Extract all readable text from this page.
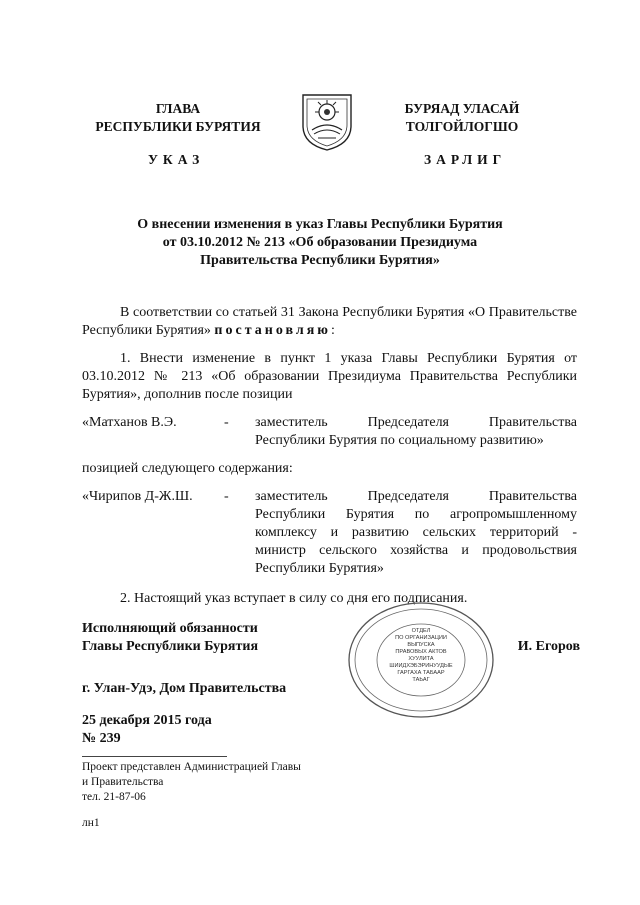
ГЛАВА
РЕСПУБЛИКИ БУРЯТИЯ
БУРЯАД УЛАСАЙ
ТОЛГОЙЛОГШО
УКАЗ	ЗАРЛИГ
О внесении изменения в указ Главы Республики Бурятия
от 03.10.2012 № 213 «Об образовании Президиума
Правительства Республики Бурятия»
В соответствии со статьей 31 Закона Республики Бурятия «О Правительстве Республики Бурятия» постановляю:
1. Внести изменение в пункт 1 указа Главы Республики Бурятия от 03.10.2012 № 213 «Об образовании Президиума Правительства Республики Бурятия», дополнив после позиции
«Матханов В.Э.	- заместитель Председателя Правительства Республики Бурятия по социальному развитию»
позицией следующего содержания:
«Чирипов Д-Ж.Ш. - заместитель Председателя Правительства Республики Бурятия по агропромышленному комплексу и развитию сельских территорий - министр сельского хозяйства и продовольствия Республики Бурятия»
2. Настоящий указ вступает в силу со дня его подписания.
Исполняющий обязанности
Главы Республики Бурятия
ОТДЕЛ
ПО ОРГАНИЗАЦИИ
ВЫПУСКА
ПРАВОВЫХ АКТОВ
ХУУЛИТА
ШИИДХЭБЭРИНУУДЫЕ
ГАРГАХА ТАБААР
ТАЬАГ
И. Егоров
г. Улан-Удэ, Дом Правительства
25 декабря 2015 года
№ 239
Проект представлен Администрацией Главы
и Правительства
тел. 21-87-06
лн1
